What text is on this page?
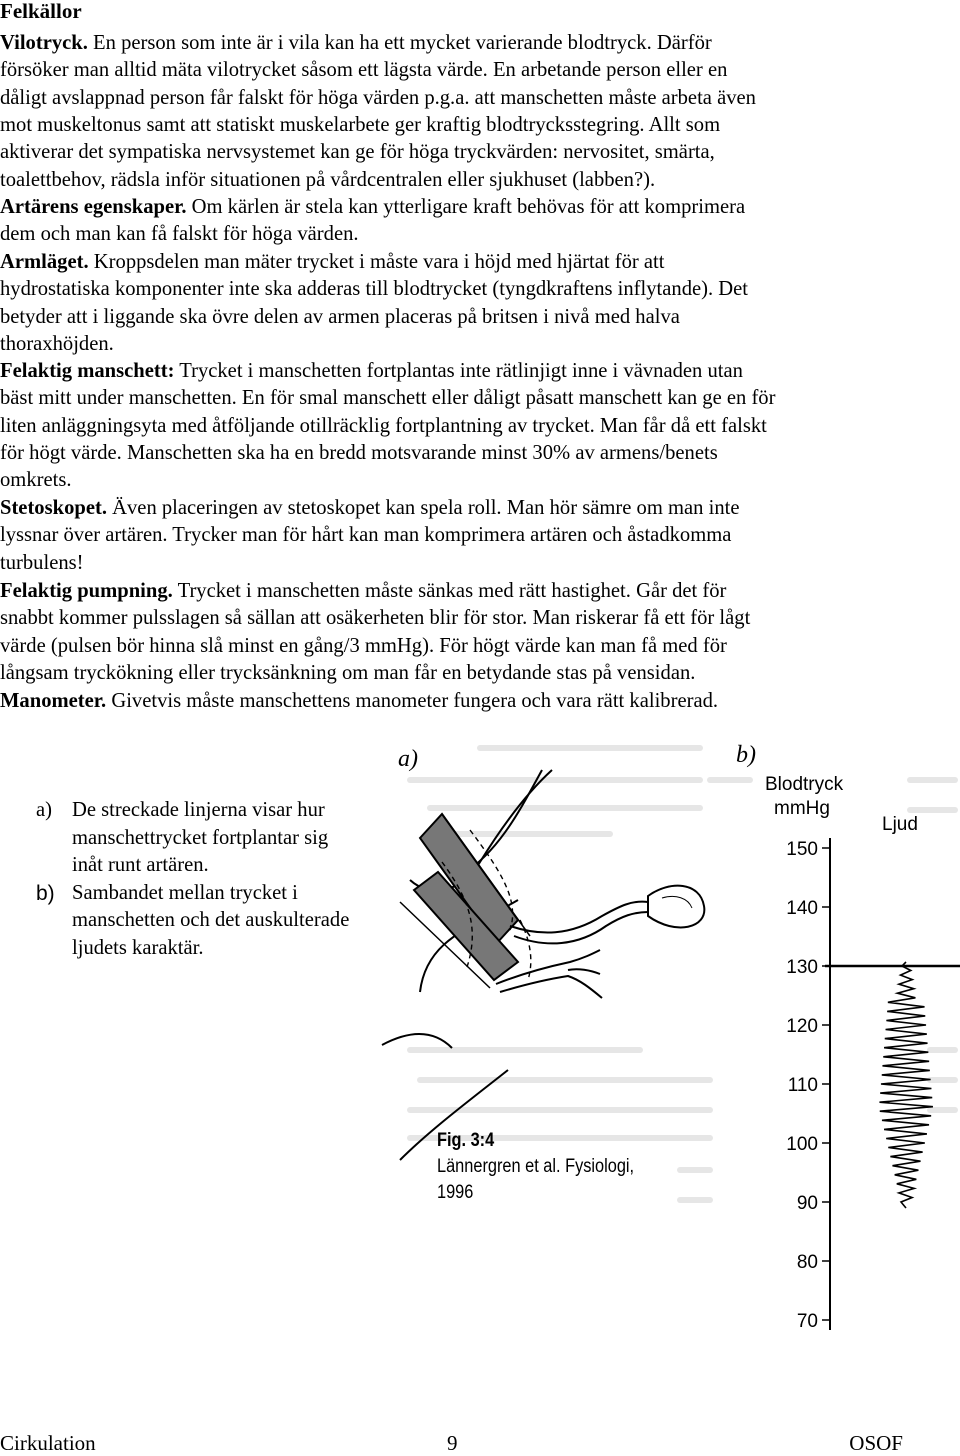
Felkällor

Vilotryck. En person som inte är i vila kan ha ett mycket varierande blodtryck. Därför
försöker man alltid mäta vilotrycket såsom ett lägsta värde. En arbetande person eller en
dåligt avslappnad person får falskt för höga värden p.g.a. att manschetten måste arbeta även
mot muskeltonus samt att statiskt muskelarbete ger kraftig blodtrycksstegring. Allt som
aktiverar det sympatiska nervsystemet kan ge för höga tryckvärden: nervositet, smärta,
toalettbehov, rädsla inför situationen på vårdcentralen eller sjukhuset (labben?).

Artärens egenskaper. Om kärlen är stela kan ytterligare kraft behövas för att komprimera
dem och man kan få falskt för höga värden.

Armläget. Kroppsdelen man mäter trycket i måste vara i höjd med hjärtat för att
hydrostatiska komponenter inte ska adderas till blodtrycket (tyngdkraftens inflytande). Det
betyder att i liggande ska övre delen av armen placeras på britsen i nivå med halva
thoraxhöjden.

Felaktig manschett: Trycket i manschetten fortplantas inte rätlinjigt inne i vävnaden utan
bäst mitt under manschetten. En för smal manschett eller dåligt påsatt manschett kan ge en för
liten anläggningsyta med åtföljande otillräcklig fortplantning av trycket. Man får då ett falskt
för högt värde. Manschetten ska ha en bredd motsvarande minst 30% av armens/benets
omkrets.

Stetoskopet. Även placeringen av stetoskopet kan spela roll. Man hör sämre om man inte
lyssnar över artären. Trycker man för hårt kan man komprimera artären och åstadkomma
turbulens!

Felaktig pumpning. Trycket i manschetten måste sänkas med rätt hastighet. Går det för
snabbt kommer pulsslagen så sällan att osäkerheten blir för stor. Man riskerar få ett för lågt
värde (pulsen bör hinna slå minst en gång/3 mmHg). För högt värde kan man få med för
långsam tryckökning eller trycksänkning om man får en betydande stas på vensidan.

Manometer. Givetvis måste manschettens manometer fungera och vara rätt kalibrerad.

a) De streckade linjerna visar hur manschettrycket fortplantar sig inåt runt artären.

b) Sambandet mellan trycket i manschetten och det auskulterade ljudets karaktär.

a)	b)
Blodtryck
mmHg
Ljud
150
140
130
120
110
100
90
80
70
Fig. 3:4
Lännergren et al. Fysiologi,
1996
Cirkulation	9	OSOF
